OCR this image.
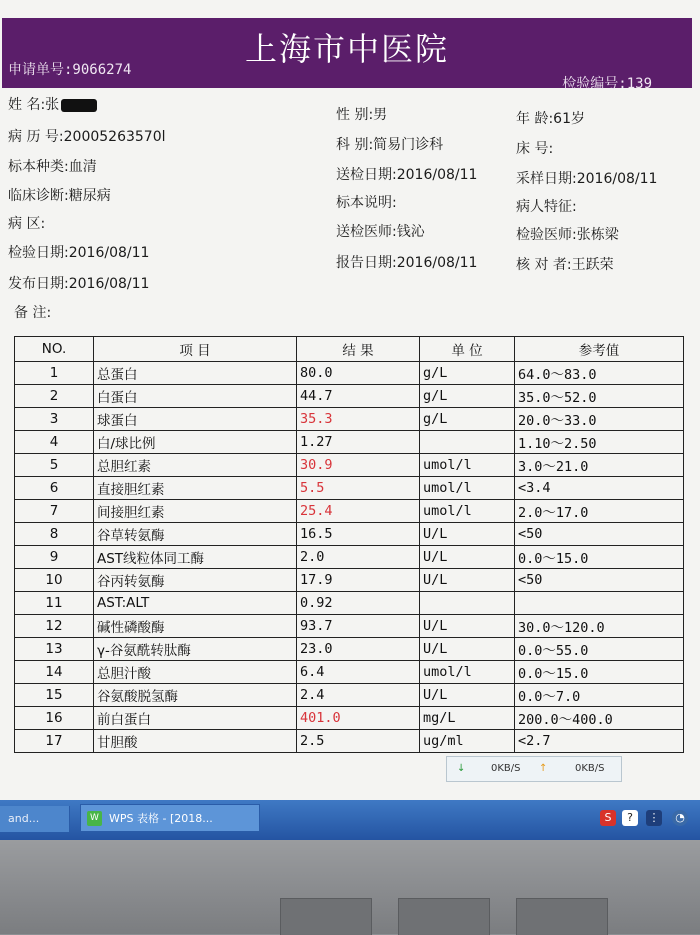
上海市中医院
申请单号:9066274
检验编号:139
姓 名:张
病 历 号:20005263570l
标本种类:血清
临床诊断:糖尿病
病 区:
检验日期:2016/08/11
发布日期:2016/08/11
备 注:
性 别:男
科 别:简易门诊科
送检日期:2016/08/11
标本说明:
送检医师:钱沁
报告日期:2016/08/11
年 龄:61岁
床 号:
采样日期:2016/08/11
病人特征:
检验医师:张栋梁
核 对 者:王跃荣
NO.	项 目	结 果	单 位	参考值
1	总蛋白	80.0	g/L	64.0～83.0
2	白蛋白	44.7	g/L	35.0～52.0
3	球蛋白	35.3	g/L	20.0～33.0
4	白/球比例	1.27		1.10～2.50
5	总胆红素	30.9	umol/l	3.0～21.0
6	直接胆红素	5.5	umol/l	<3.4
7	间接胆红素	25.4	umol/l	2.0～17.0
8	谷草转氨酶	16.5	U/L	<50
9	AST线粒体同工酶	2.0	U/L	0.0～15.0
10	谷丙转氨酶	17.9	U/L	<50
11	AST:ALT	0.92		
12	碱性磷酸酶	93.7	U/L	30.0～120.0
13	γ-谷氨酰转肽酶	23.0	U/L	0.0～55.0
14	总胆汁酸	6.4	umol/l	0.0～15.0
15	谷氨酸脱氢酶	2.4	U/L	0.0～7.0
16	前白蛋白	401.0	mg/L	200.0～400.0
17	甘胆酸	2.5	ug/ml	<2.7
↓	0KB/S ↑	0KB/S
and...	W WPS 表格 - [2018...	S	?	⋮ ◔
